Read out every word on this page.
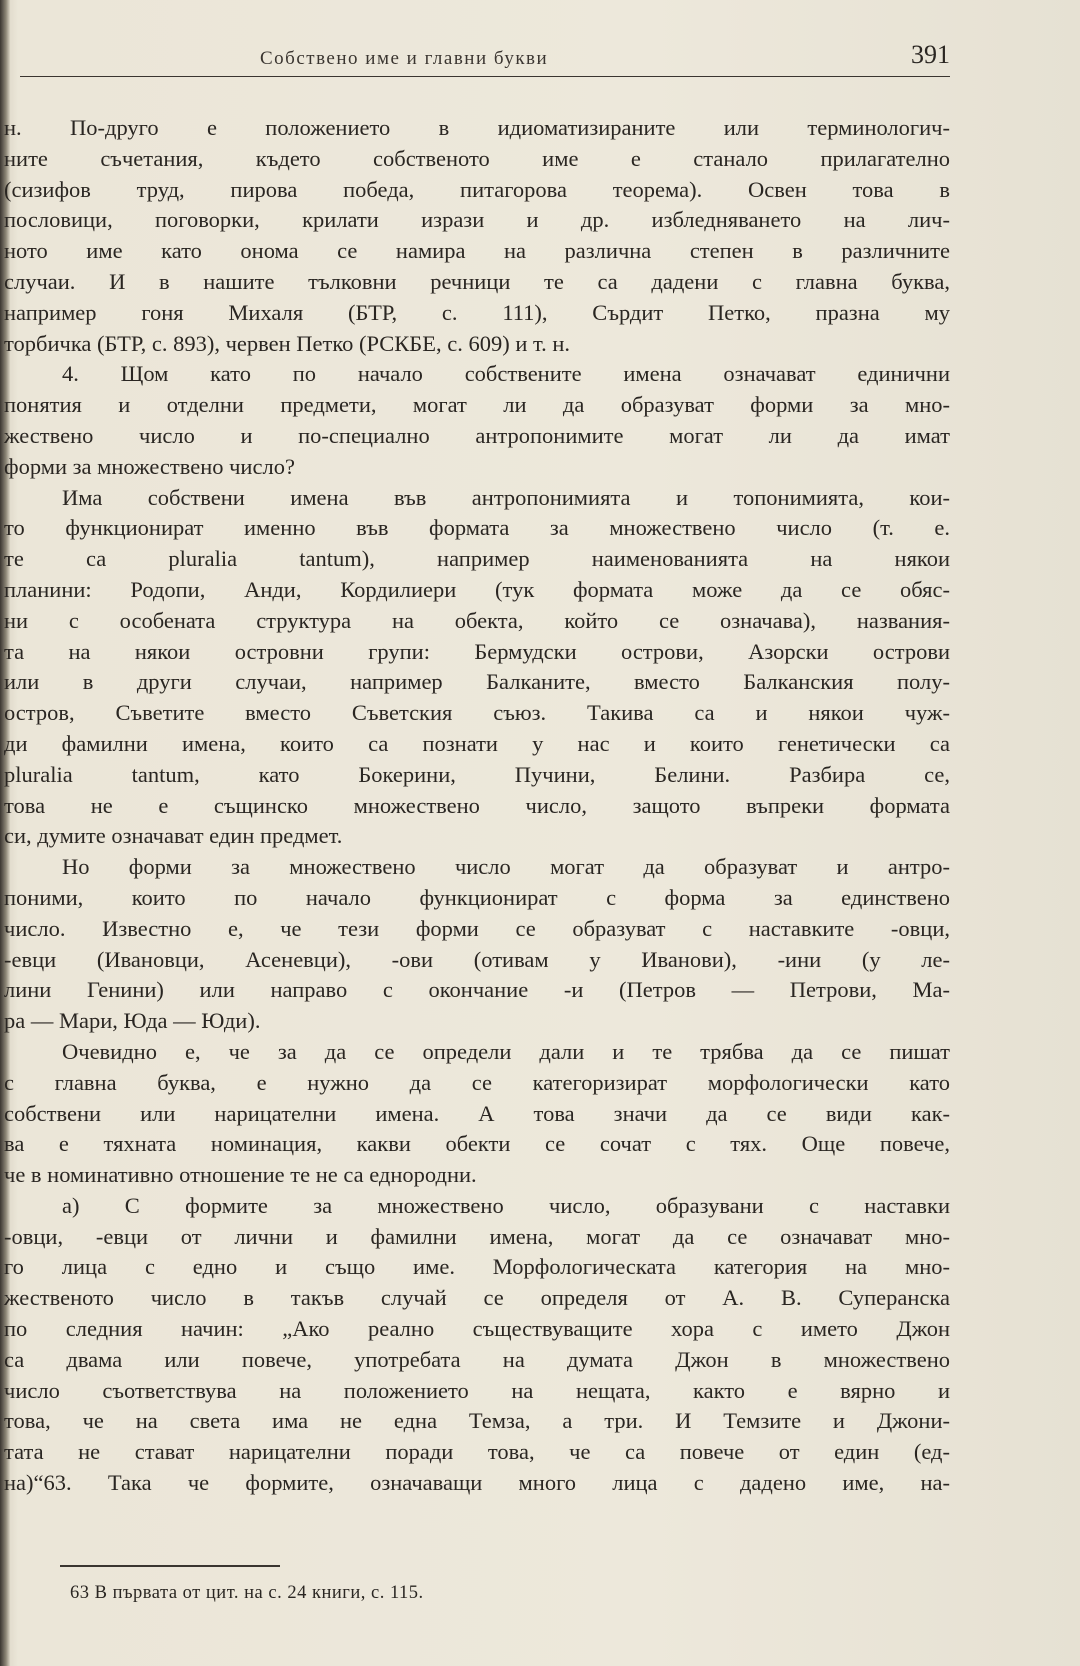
Собствено име и главни букви	391
н. По-друго е положението в идиоматизираните или терминологич-
ните съчетания, където собственото име е станало прилагателно
(сизифов труд, пирова победа, питагорова теорема). Освен това в
пословици, поговорки, крилати изрази и др. избледняването на лич-
ното име като онома се намира на различна степен в различните
случаи. И в нашите тълковни речници те са дадени с главна буква,
например гоня Михаля (БТР, с. 111), Сърдит Петко, празна му
торбичка (БТР, с. 893), червен Петко (РСКБЕ, с. 609) и т. н.
4. Щом като по начало собствените имена означават единични
понятия и отделни предмети, могат ли да образуват форми за мно-
жествено число и по-специално антропонимите могат ли да имат
форми за множествено число?
Има собствени имена във антропонимията и топонимията, кои-
то функционират именно във формата за множествено число (т. е.
те са pluralia tantum), например наименованията на някои
планини: Родопи, Анди, Кордилиери (тук формата може да се обяс-
ни с особената структура на обекта, който се означава), названия-
та на някои островни групи: Бермудски острови, Азорски острови
или в други случаи, например Балканите, вместо Балканския полу-
остров, Съветите вместо Съветския съюз. Такива са и някои чуж-
ди фамилни имена, които са познати у нас и които генетически са
pluralia tantum, като Бокерини, Пучини, Белини. Разбира се,
това не е същинско множествено число, защото въпреки формата
си, думите означават един предмет.
Но форми за множествено число могат да образуват и антро-
поними, които по начало функционират с форма за единствено
число. Известно е, че тези форми се образуват с наставките -овци,
-евци (Ивановци, Асеневци), -ови (отивам у Иванови), -ини (у ле-
лини Генини) или направо с окончание -и (Петров — Петрови, Ма-
ра — Мари, Юда — Юди).
Очевидно е, че за да се определи дали и те трябва да се пишат
с главна буква, е нужно да се категоризират морфологически като
собствени или нарицателни имена. А това значи да се види как-
ва е тяхната номинация, какви обекти се сочат с тях. Още повече,
че в номинативно отношение те не са еднородни.
а) С формите за множествено число, образувани с наставки
-овци, -евци от лични и фамилни имена, могат да се означават мно-
го лица с едно и също име. Морфологическата категория на мно-
жественото число в такъв случай се определя от А. В. Суперанска
по следния начин: „Ако реално съществуващите хора с името Джон
са двама или повече, употребата на думата Джон в множествено
число съответствува на положението на нещата, както е вярно и
това, че на света има не една Темза, а три. И Темзите и Джони-
тата не стават нарицателни поради това, че са повече от един (ед-
на)“63. Така че формите, означаващи много лица с дадено име, на-
63 В първата от цит. на с. 24 книги, с. 115.
